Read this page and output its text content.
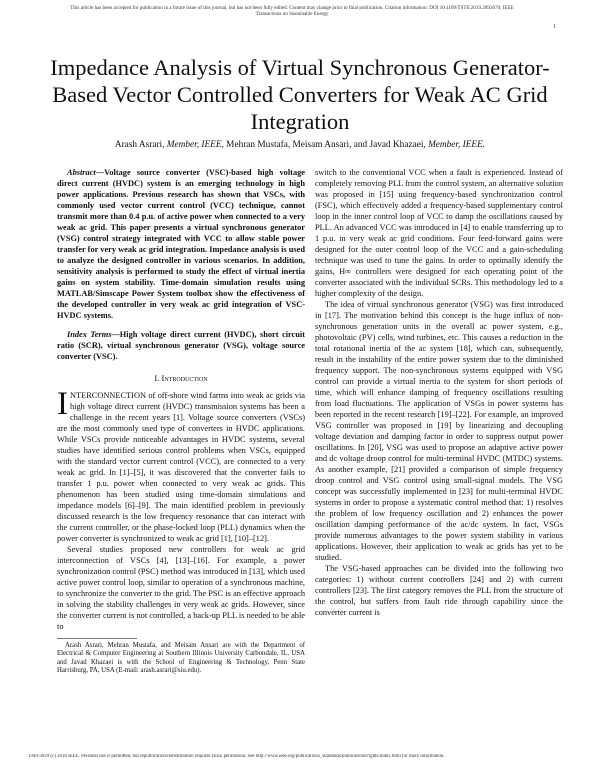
This article has been accepted for publication in a future issue of this journal, but has not been fully edited. Content may change prior to final publication. Citation information: DOI 10.1109/TSTE.2019.2892670, IEEE
Transactions on Sustainable Energy
1
Impedance Analysis of Virtual Synchronous Generator-Based Vector Controlled Converters for Weak AC Grid Integration
Arash Asrari, Member, IEEE, Mehran Mustafa, Meisam Ansari, and Javad Khazaei, Member, IEEE.

Abstract—Voltage source converter (VSC)-based high voltage direct current (HVDC) system is an emerging technology in high power applications. Previous research has shown that VSCs, with commonly used vector current control (VCC) technique, cannot transmit more than 0.4 p.u. of active power when connected to a very weak ac grid. This paper presents a virtual synchronous generator (VSG) control strategy integrated with VCC to allow stable power transfer for very weak ac grid integration. Impedance analysis is used to analyze the designed controller in various scenarios. In addition, sensitivity analysis is performed to study the effect of virtual inertia gains on system stability. Time-domain simulation results using MATLAB/Simscape Power System toolbox show the effectiveness of the developed controller in very weak ac grid integration of VSC-HVDC systems.

Index Terms—High voltage direct current (HVDC), short circuit ratio (SCR), virtual synchronous generator (VSG), voltage source converter (VSC).

I. Introduction

INTERCONNECTION of off-shore wind farms into weak ac grids via high voltage direct current (HVDC) transmission systems has been a challenge in the recent years [1]. Voltage source converters (VSCs) are the most commonly used type of converters in HVDC applications. While VSCs provide noticeable advantages in HVDC systems, several studies have identified serious control problems when VSCs, equipped with the standard vector current control (VCC), are connected to a very weak ac grid. In [1]–[5], it was discovered that the converter fails to transfer 1 p.u. power when connected to very weak ac grids. This phenomenon has been studied using time-domain simulations and impedance models [6]–[9]. The main identified problem in previously discussed research is the low frequency resonance that can interact with the current controller, or the phase-locked loop (PLL) dynamics when the power converter is synchronized to weak ac grid [1], [10]–[12].

Several studies proposed new controllers for weak ac grid interconnection of VSCs [4], [13]–[16]. For example, a power synchronization control (PSC) method was introduced in [13], which used active power control loop, similar to operation of a synchronous machine, to synchronize the converter to the grid. The PSC is an effective approach in solving the stability challenges in very weak ac grids. However, since the converter current is not controlled, a back-up PLL is needed to be able to

Arash Asrari, Mehran Mustafa, and Meisam Ansari are with the Department of Electrical & Computer Engineering at Southern Illinois University Carbondale, IL, USA and Javad Khazaei is with the School of Engineering & Technology, Penn State Harrisburg, PA, USA (E-mail: arash.asrari@siu.edu).

switch to the conventional VCC when a fault is experienced. Instead of completely removing PLL from the control system, an alternative solution was proposed in [15] using frequency-based synchronization control (FSC), which effectively added a frequency-based supplementary control loop in the inner control loop of VCC to damp the oscillations caused by PLL. An advanced VCC was introduced in [4] to enable transferring up to 1 p.u. in very weak ac grid conditions. Four feed-forward gains were designed for the outer control loop of the VCC and a gain-scheduling technique was used to tune the gains. In order to optimally identify the gains, H∞ controllers were designed for each operating point of the converter associated with the individual SCRs. This methodology led to a higher complexity of the design.

The idea of virtual synchronous generator (VSG) was first introduced in [17]. The motivation behind this concept is the huge influx of non-synchronous generation units in the overall ac power system, e.g., photovoltaic (PV) cells, wind turbines, etc. This causes a reduction in the total rotational inertia of the ac system [18], which can, subsequently, result in the instability of the entire power system due to the diminished frequency support. The non-synchronous systems equipped with VSG control can provide a virtual inertia to the system for short periods of time, which will enhance damping of frequency oscillations resulting from load fluctuations. The application of VSGs in power systems has been reported in the recent research [19]–[22]. For example, an improved VSG controller was proposed in [19] by linearizing and decoupling voltage deviation and damping factor in order to suppress output power oscillations. In [20], VSG was used to propose an adaptive active power and dc voltage droop control for multi-terminal HVDC (MTDC) systems. As another example, [21] provided a comparison of simple frequency droop control and VSG control using small-signal models. The VSG concept was successfully implemented in [23] for multi-terminal HVDC systems in order to propose a systematic control method that: 1) resolves the problem of low frequency oscillation and 2) enhances the power oscillation damping performance of the ac/dc system. In fact, VSGs provide numerous advantages to the power system stability in various applications. However, their application to weak ac grids has yet to be studied.

The VSG-based approaches can be divided into the following two categories: 1) without current controllers [24] and 2) with current controllers [23]. The first category removes the PLL from the structure of the control, but suffers from fault ride through capability since the converter current is

1949-3029 (c) 2018 IEEE. Personal use is permitted, but republication/redistribution requires IEEE permission. See http://www.ieee.org/publications_standards/publications/rights/index.html for more information.
